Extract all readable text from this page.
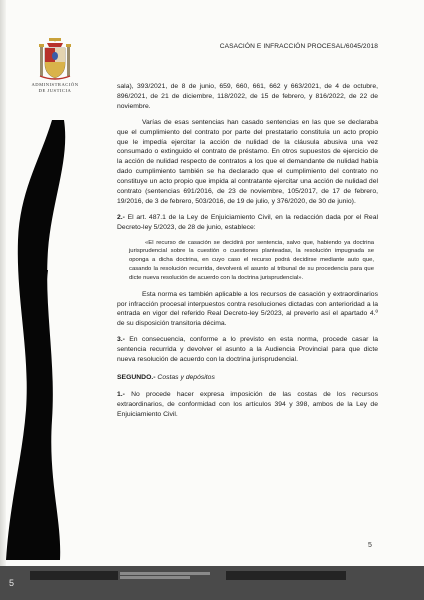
ADMINISTRACIÓN
DE JUSTICIA
CASACIÓN E INFRACCIÓN PROCESAL/6045/2018

sala), 393/2021, de 8 de junio, 659, 660, 661, 662 y 663/2021, de 4 de octubre, 896/2021, de 21 de diciembre, 118/2022, de 15 de febrero, y 816/2022, de 22 de noviembre.

Varías de esas sentencias han casado sentencias en las que se declaraba que el cumplimiento del contrato por parte del prestatario constituía un acto propio que le impedía ejercitar la acción de nulidad de la cláusula abusiva una vez consumado o extinguido el contrato de préstamo. En otros supuestos de ejercicio de la acción de nulidad respecto de contratos a los que el demandante de nulidad había dado cumplimiento también se ha declarado que el cumplimiento del contrato no constituye un acto propio que impida al contratante ejercitar una acción de nulidad del contrato (sentencias 691/2016, de 23 de noviembre, 105/2017, de 17 de febrero, 19/2016, de 3 de febrero, 503/2016, de 19 de julio, y 376/2020, de 30 de junio).

2.- El art. 487.1 de la Ley de Enjuiciamiento Civil, en la redacción dada por el Real Decreto-ley 5/2023, de 28 de junio, establece:

«El recurso de casación se decidirá por sentencia, salvo que, habiendo ya doctrina jurisprudencial sobre la cuestión o cuestiones planteadas, la resolución impugnada se oponga a dicha doctrina, en cuyo caso el recurso podrá decidirse mediante auto que, casando la resolución recurrida, devolverá el asunto al tribunal de su procedencia para que dicte nueva resolución de acuerdo con la doctrina jurisprudencial».

Esta norma es también aplicable a los recursos de casación y extraordinarios por infracción procesal interpuestos contra resoluciones dictadas con anterioridad a la entrada en vigor del referido Real Decreto-ley 5/2023, al preverlo así el apartado 4.º de su disposición transitoria décima.

3.- En consecuencia, conforme a lo previsto en esta norma, procede casar la sentencia recurrida y devolver el asunto a la Audiencia Provincial para que dicte nueva resolución de acuerdo con la doctrina jurisprudencial.

SEGUNDO.- Costas y depósitos

1.- No procede hacer expresa imposición de las costas de los recursos extraordinarios, de conformidad con los artículos 394 y 398, ambos de la Ley de Enjuiciamiento Civil.

5
5
